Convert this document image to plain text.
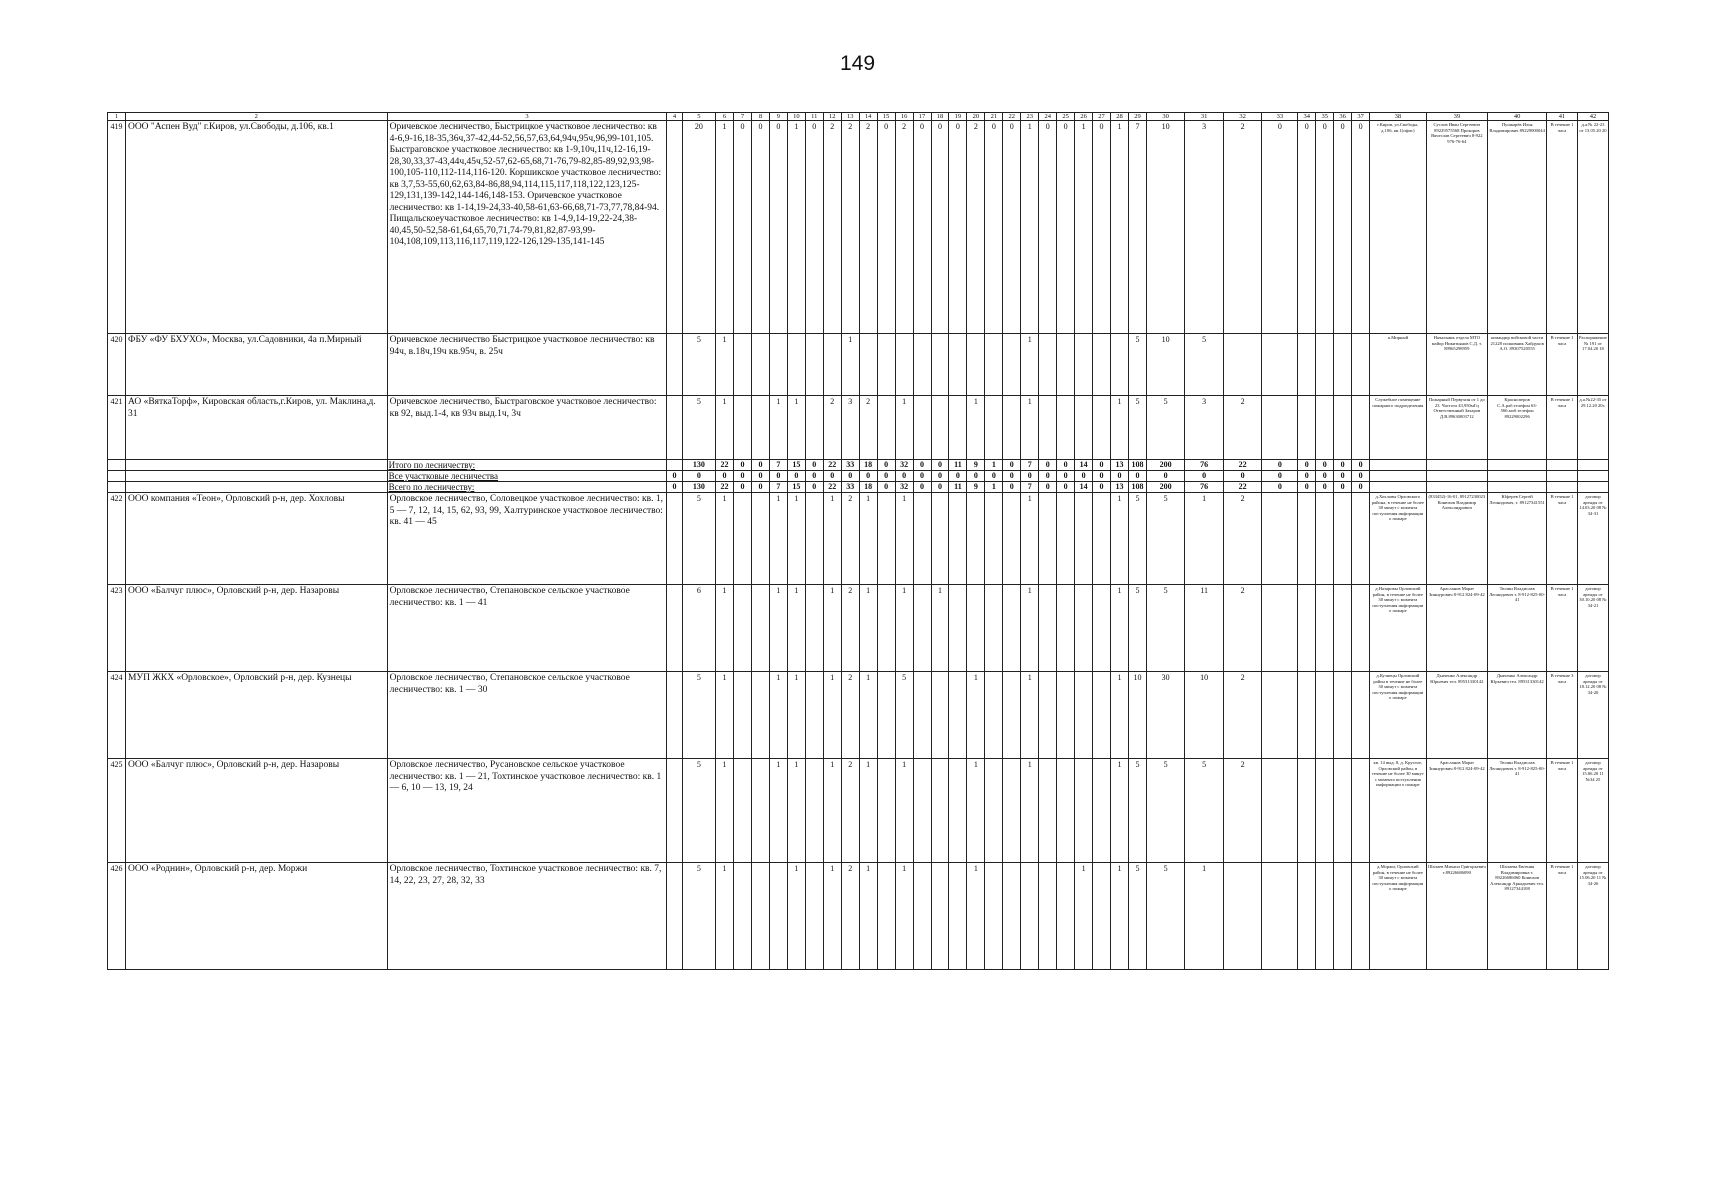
149
1	2	3	4	5	6	7	8	9	10	11	12	13	14	15	16	17	18	19	20	21	22	23	24	25	26	27	28	29	30	31	32	33	34	35	36	37	38	39	40	41	42
419	ООО "Аспен Вуд" г.Киров, ул.Свободы, д.106, кв.1	Оричевское лесничество, Быстрицкое участковое лесничество: кв 4-6,9-16,18-35,36ч,37-42,44-52,56,57,63,64,94ч,95ч,96,99-101,105. Быстраговское участковое лесничество: кв 1-9,10ч,11ч,12-16,19-28,30,33,37-43,44ч,45ч,52-57,62-65,68,71-76,79-82,85-89,92,93,98-100,105-110,112-114,116-120. Коршикское участковое лесничество: кв 3,7,53-55,60,62,63,84-86,88,94,114,115,117,118,122,123,125-129,131,139-142,144-146,148-153. Оричевское участковое лесничество: кв 1-14,19-24,33-40,58-61,63-66,68,71-73,77,78,84-94. Пищальскоеучастковое лесничество: кв 1-4,9,14-19,22-24,38-40,45,50-52,58-61,64,65,70,71,74-79,81,82,87-93,99-104,108,109,113,116,117,119,122-126,129-135,141-145		20	1	0	0	0	1	0	2	2	2	0	2	0	0	0	2	0	0	1	0	0	1	0	1	7	10	3	2	0	0	0	0	0	г.Киров, ул.Свободы, д.106, кв.1(офис)	Суслов Иван Сергеевич 89229575568 Прокоров Вячеслав Сергеевич 8-922 976-76-64	Пушкарёв Илья Владимирович 89229000044	В течение 1 часа	д.а.№ 22-23 от 13.05.20 20
420	ФБУ «ФУ БХУХО», Москва, ул.Садовники, 4а п.Мирный	Оричевское лесничество Быстрицкое участковое лесничество: кв 94ч, в.18ч,19ч кв.95ч, в. 25ч		5	1							1										1						5	10	5							п.Мирный	Начальник отдела МТО майор Никитьянов С.Д. т. 89965298959	командир войсковой части 21228 полковник Хайдуков А.О. 89307520555	В течение 1 часа	Распоряжение № 191 от 17.04.20 18
421	АО «ВяткаТорф», Кировская область,г.Киров, ул. Маклина,д. 31	Оричевское лесничество, Быстраговское участковое лесничество: кв 92, выд.1-4, кв 93ч выд.1ч, 3ч		5	1			1	1		2	3	2		1				1			1					1	5	5	3	2						Служебное помещение пожарного подразделения	Пожарный Первухин от 1 до 23. Частота 43,950мГц Ответственный Захаров Д.В.89630003712	Красноперов С.А.раб.телефон 63-566.моб.телефон 89229002296	В течение 1 часа	д.а.№22-35 от 29.12.20 20г.
		Итого по лесничеству:		130	22	0	0	7	15	0	22	33	18	0	32	0	0	11	9	1	0	7	0	0	14	0	13	108	200	76	22	0	0	0	0	0					
		Все участковые лесничества	0	0	0	0	0	0	0	0	0	0	0	0	0	0	0	0	0	0	0	0	0	0	0	0	0	0	0	0	0	0	0	0	0	0					
		Всего по лесничеству:	0	130	22	0	0	7	15	0	22	33	18	0	32	0	0	11	9	1	0	7	0	0	14	0	13	108	200	76	22	0	0	0	0	0					
422	ООО компания «Теон», Орловский р-н, дер. Хохловы	Орловское лесничество, Соловецкое участковое лесничество: кв. 1, 5 — 7, 12, 14, 15, 62, 93, 99, Халтуринское участковое лесничество: кв. 41 — 45		5	1			1	1		1	2	1		1							1					1	5	5	1	2						д.Хохловы Орловского района, в течение не более 30 минут с момента поступления информации о пожаре	(833452)-16-01, 89127230023 Конюхов Владимир Александрович	Юферев Сергей Леонидович, т. 89127341551	В течение 1 часа	договор аренды от 14.03.20 08 № 34-31
423	ООО «Балчуг плюс», Орловский р-н, дер. Назаровы	Орловское лесничество, Степановское сельское участковое лесничество: кв. 1 — 41		6	1			1	1		1	2	1		1		1					1					1	5	5	11	2						д.Назаровы Орловский район, в течение не более 30 минут с момента поступления информации о пожаре	Арасланов Марат Зиннурович 8-912 824-09-42	Тюлин Владислав Леонидович т. 8-912-825-00-41	В течение 1 часа	договор аренды от 30.10.20 08 № 34-21
424	МУП ЖКХ «Орловское», Орловский р-н, дер. Кузнецы	Орловское лесничество, Степановское сельское участковое лесничество: кв. 1 — 30		5	1			1	1		1	2	1		5				1			1					1	10	30	10	2						д.Кузнецы Орловский район в течение не более 30 минут с момента поступления информации о пожаре	Дьяченко Александр Юрьевич тел. 89531330142	Дьяченко Александр Юрьевич тел. 89531330142	В течение 3 часа	договор аренды от 18.12.20 08 № 34-20
425	ООО «Балчуг плюс», Орловский р-н, дер. Назаровы	Орловское лесничество, Русановское сельское участковое лесничество: кв. 1 — 21, Тохтинское участковое лесничество: кв. 1 — 6, 10 — 13, 19, 24		5	1			1	1		1	2	1		1				1			1					1	5	5	5	2						кв. 14 выд. 8, д. Круглое, Орловский район, в течение не более 30 минут с момента поступления информации о пожаре	Арасланов Марат Зиннурович 8-912 824-09-42	Тюлин Владислав Леонидович т. 8-912-825-00-41	В течение 1 часа	договор аренды от 15.06.20 11 №34 25
426	ООО «Роднин», Орловский р-н, дер. Моржи	Орловское лесничество, Тохтинское участковое лесничество: кв. 7, 14, 22, 23, 27, 28, 32, 33		5	1				1		1	2	1		1				1						1		1	5	5	1							д.Моржи, Орловский район, в течение не более 30 минут с момента поступления информации о пожаре	Шалаев Михаил Григорьевич т.89226686090	Шалаева Евгения Владимировна т. 89226686060 Конюхов Александр Аркадьевич тел. 89127344108	В течение 1 часа	договор аренды от 15.06.20 11 № 34-26
